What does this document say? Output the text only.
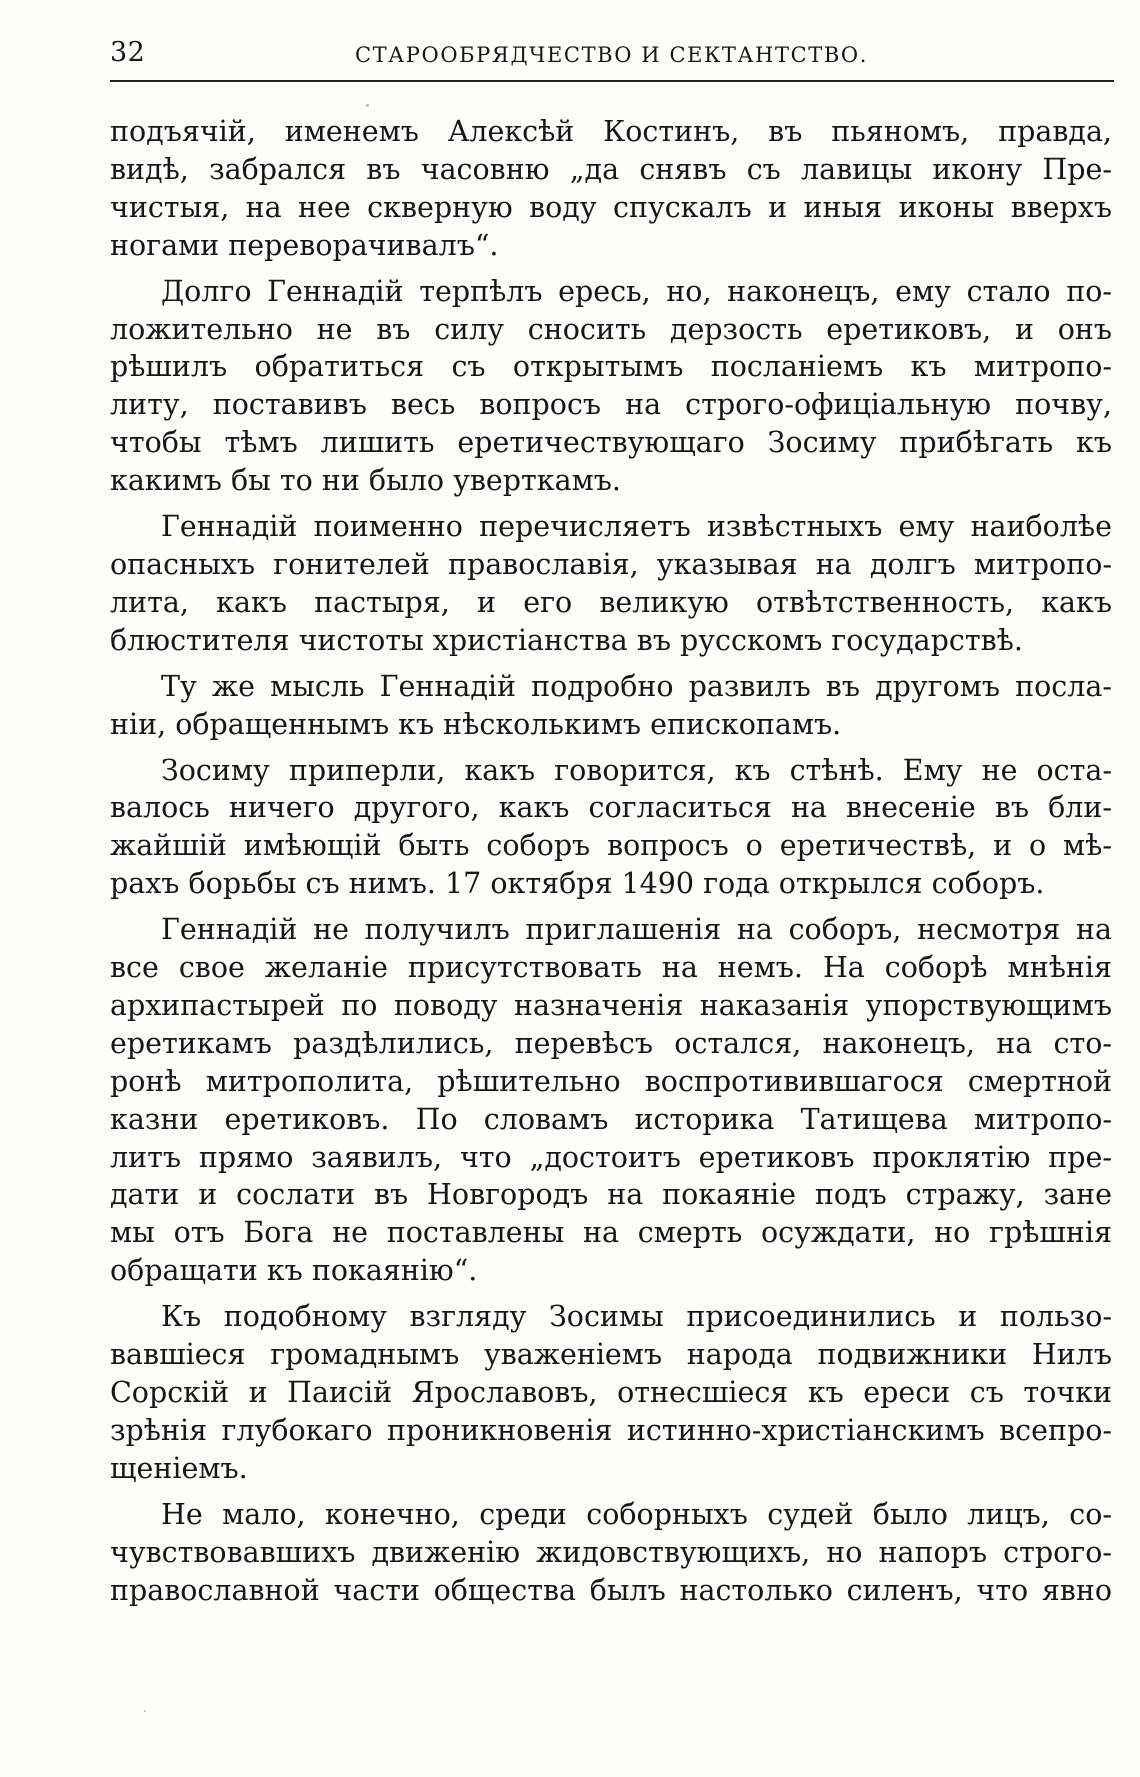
32	СТАРООБРЯДЧЕСТВО И СЕКТАНТСТВО.
подъячій, именемъ Алексѣй Костинъ, въ пьяномъ, правда,
видѣ, забрался въ часовню „да снявъ съ лавицы икону Пре-
чистыя, на нее скверную воду спускалъ и иныя иконы вверхъ
ногами переворачивалъ“.
Долго Геннадій терпѣлъ ересь, но, наконецъ, ему стало по-
ложительно не въ силу сносить дерзость еретиковъ, и онъ
рѣшилъ обратиться съ открытымъ посланіемъ къ митропо-
литу, поставивъ весь вопросъ на строго-офиціальную почву,
чтобы тѣмъ лишить еретичествующаго Зосиму прибѣгать къ
какимъ бы то ни было уверткамъ.
Геннадій поименно перечисляетъ извѣстныхъ ему наиболѣе
опасныхъ гонителей православія, указывая на долгъ митропо-
лита, какъ пастыря, и его великую отвѣтственность, какъ
блюстителя чистоты христіанства въ русскомъ государствѣ.
Ту же мысль Геннадій подробно развилъ въ другомъ посла-
ніи, обращеннымъ къ нѣсколькимъ епископамъ.
Зосиму приперли, какъ говорится, къ стѣнѣ. Ему не оста-
валось ничего другого, какъ согласиться на внесеніе въ бли-
жайшій имѣющій быть соборъ вопросъ о еретичествѣ, и о мѣ-
рахъ борьбы съ нимъ. 17 октября 1490 года открылся соборъ.
Геннадій не получилъ приглашенія на соборъ, несмотря на
все свое желаніе присутствовать на немъ. На соборѣ мнѣнія
архипастырей по поводу назначенія наказанія упорствующимъ
еретикамъ раздѣлились, перевѣсъ остался, наконецъ, на сто-
ронѣ митрополита, рѣшительно воспротивившагося смертной
казни еретиковъ. По словамъ историка Татищева митропо-
литъ прямо заявилъ, что „достоитъ еретиковъ проклятію пре-
дати и сослати въ Новгородъ на покаяніе подъ стражу, зане
мы отъ Бога не поставлены на смерть осуждати, но грѣшнія
обращати къ покаянію“.
Къ подобному взгляду Зосимы присоединились и пользо-
вавшіеся громаднымъ уваженіемъ народа подвижники Нилъ
Сорскій и Паисій Ярославовъ, отнесшіеся къ ереси съ точки
зрѣнія глубокаго проникновенія истинно-христіанскимъ всепро-
щеніемъ.
Не мало, конечно, среди соборныхъ судей было лицъ, со-
чувствовавшихъ движенію жидовствующихъ, но напоръ строго-
православной части общества былъ настолько силенъ, что явно
